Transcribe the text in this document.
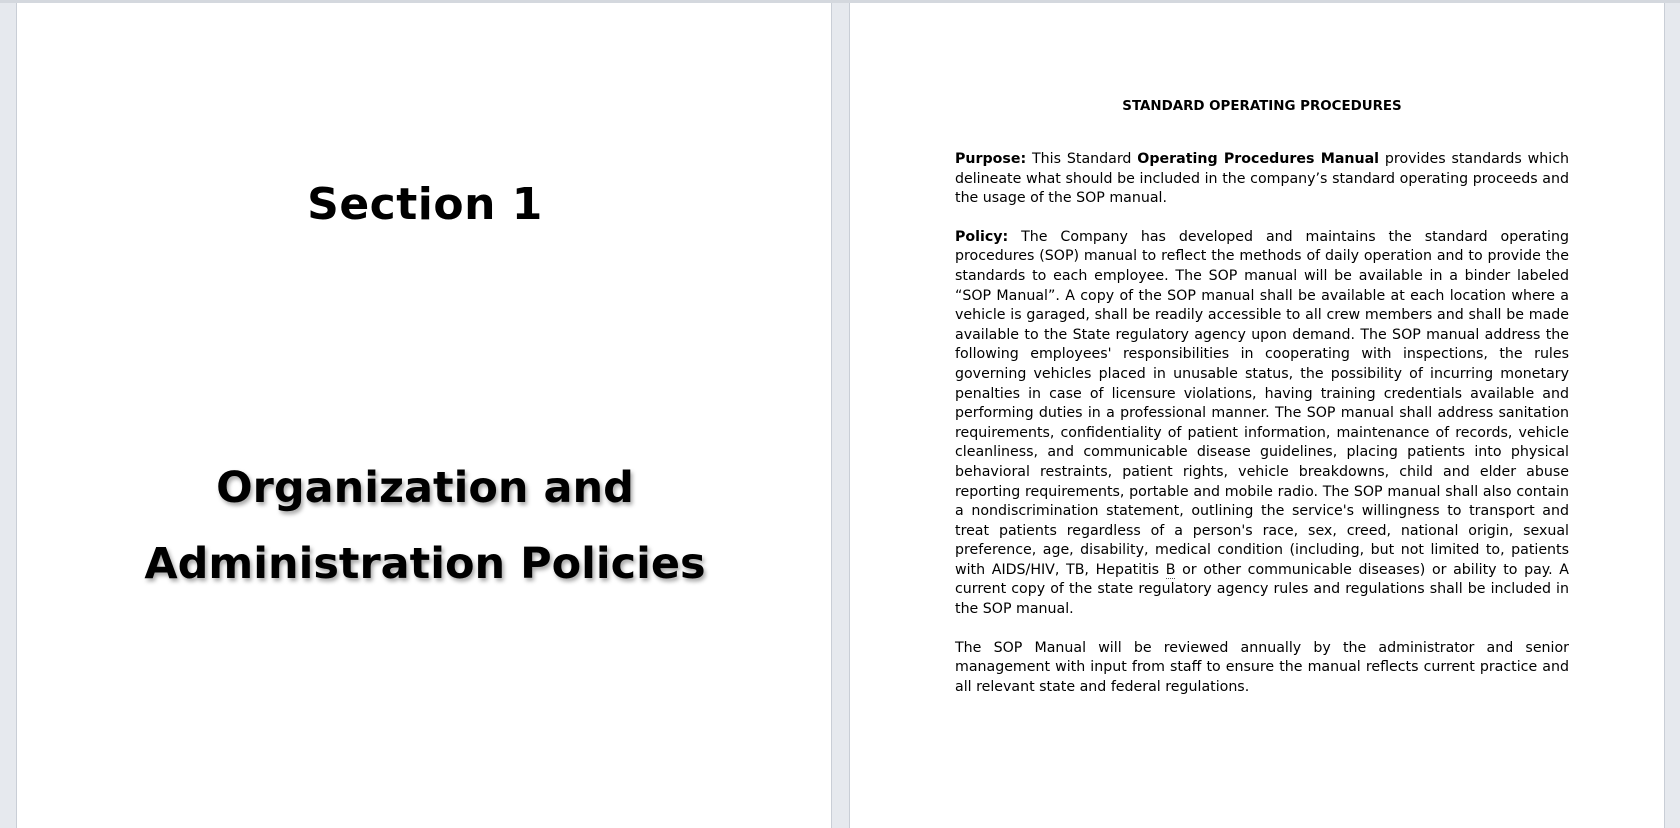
Section 1
Organization and
Administration Policies

STANDARD OPERATING PROCEDURES

Purpose: This Standard Operating Procedures Manual provides standards which delineate what should be included in the company’s standard operating proceeds and the usage of the SOP manual.

Policy: The Company has developed and maintains the standard operating procedures (SOP) manual to reflect the methods of daily operation and to provide the standards to each employee. The SOP manual will be available in a binder labeled “SOP Manual”. A copy of the SOP manual shall be available at each location where a vehicle is garaged, shall be readily accessible to all crew members and shall be made available to the State regulatory agency upon demand. The SOP manual address the following employees' responsibilities in cooperating with inspections, the rules governing vehicles placed in unusable status, the possibility of incurring monetary penalties in case of licensure violations, having training credentials available and performing duties in a professional manner. The SOP manual shall address sanitation requirements, confidentiality of patient information, maintenance of records, vehicle cleanliness, and communicable disease guidelines, placing patients into physical behavioral restraints, patient rights, vehicle breakdowns, child and elder abuse reporting requirements, portable and mobile radio. The SOP manual shall also contain a nondiscrimination statement, outlining the service's willingness to transport and treat patients regardless of a person's race, sex, creed, national origin, sexual preference, age, disability, medical condition (including, but not limited to, patients with AIDS/HIV, TB, Hepatitis B or other communicable diseases) or ability to pay. A current copy of the state regulatory agency rules and regulations shall be included in the SOP manual.

The SOP Manual will be reviewed annually by the administrator and senior management with input from staff to ensure the manual reflects current practice and all relevant state and federal regulations.
